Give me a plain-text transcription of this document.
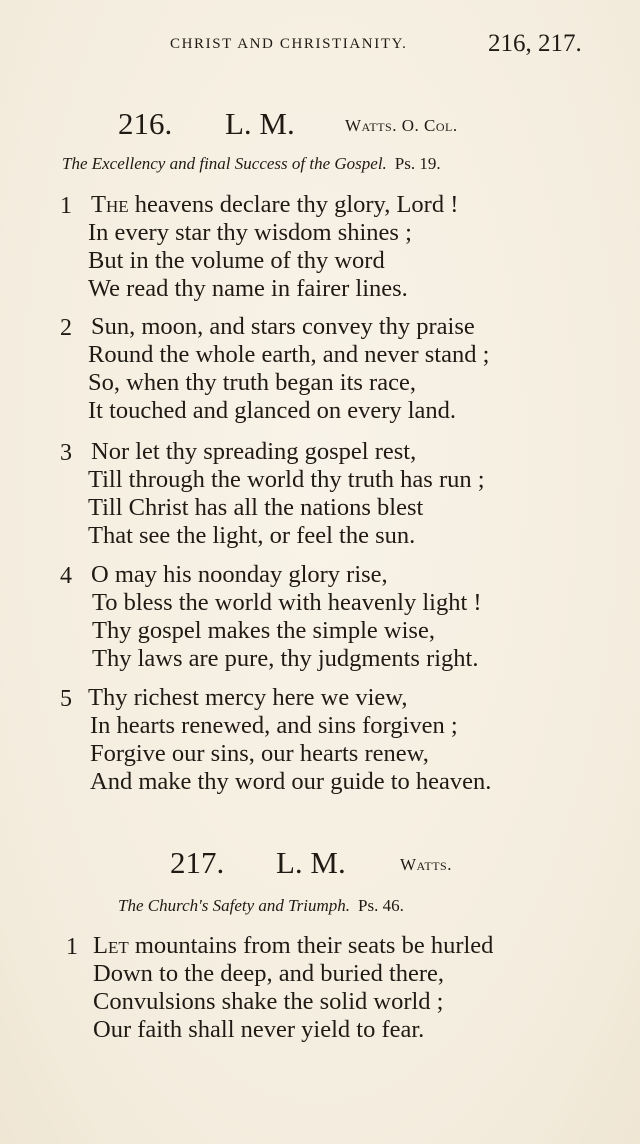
CHRIST AND CHRISTIANITY.	216, 217.
216. L. M.	Watts. O. Col.
The Excellency and final Success of the Gospel. Ps. 19.
1 The heavens declare thy glory, Lord !
In every star thy wisdom shines ;
But in the volume of thy word
We read thy name in fairer lines.
2 Sun, moon, and stars convey thy praise
Round the whole earth, and never stand ;
So, when thy truth began its race,
It touched and glanced on every land.
3 Nor let thy spreading gospel rest,
Till through the world thy truth has run ;
Till Christ has all the nations blest
That see the light, or feel the sun.
4 O may his noonday glory rise,
To bless the world with heavenly light !
Thy gospel makes the simple wise,
Thy laws are pure, thy judgments right.
5 Thy richest mercy here we view,
In hearts renewed, and sins forgiven ;
Forgive our sins, our hearts renew,
And make thy word our guide to heaven.
217. L. M.	Watts.
The Church's Safety and Triumph. Ps. 46.
1 Let mountains from their seats be hurled
Down to the deep, and buried there,
Convulsions shake the solid world ;
Our faith shall never yield to fear.
